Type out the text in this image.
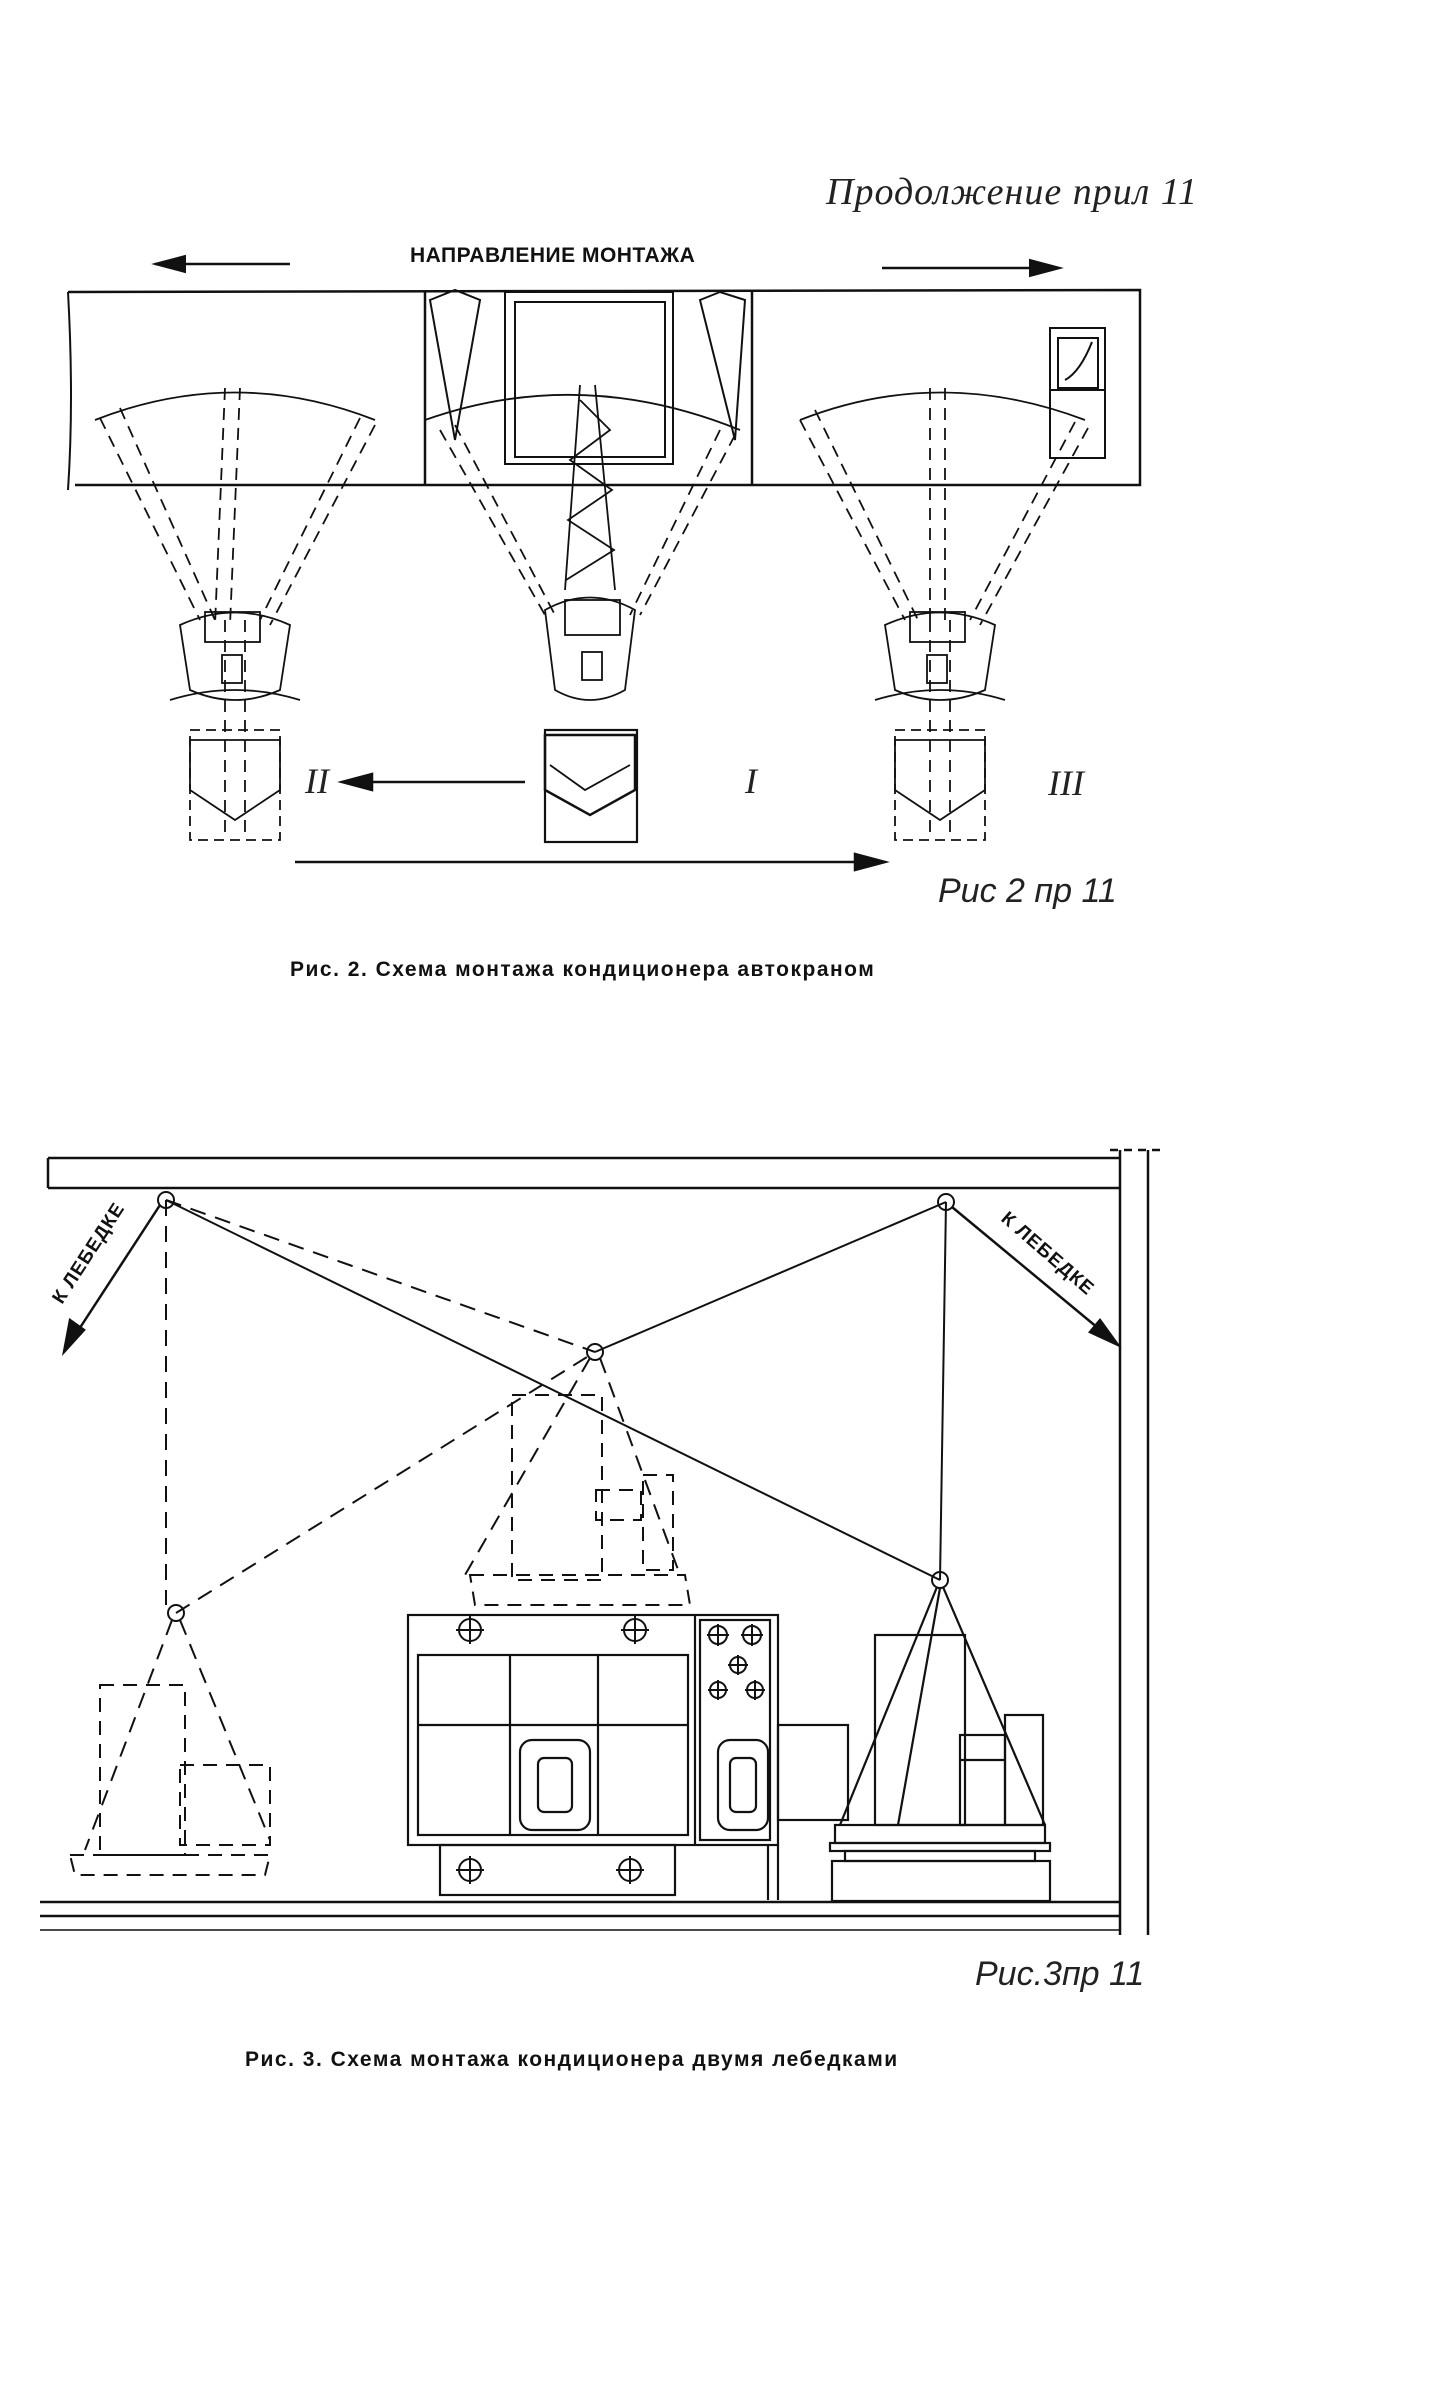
Продолжение прил 11
НАПРАВЛЕНИЕ МОНТАЖА
II	I	III
Рис 2 пр 11
Рис. 2. Схема монтажа кондиционера автокраном
К ЛЕБЕДКЕ	К ЛЕБЕДКЕ
Рис.3пр 11
Рис. 3. Схема монтажа кондиционера двумя лебедками
